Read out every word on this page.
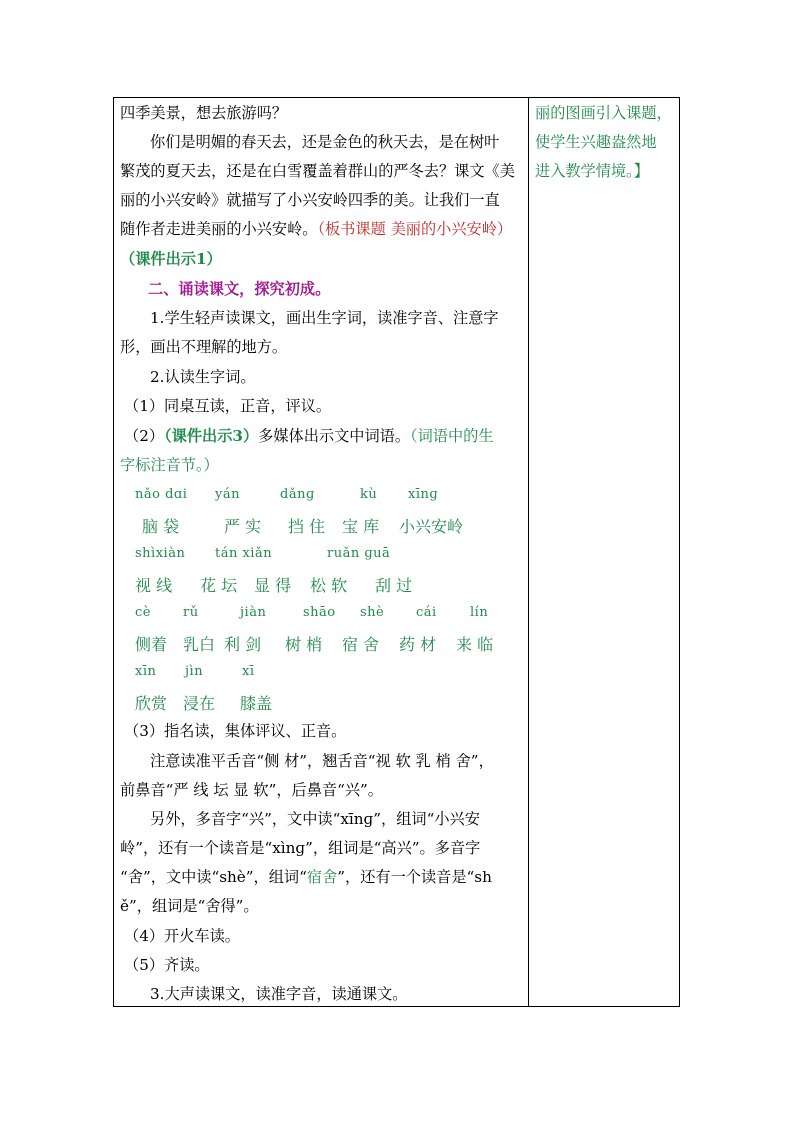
四季美景，想去旅游吗？
你们是明媚的春天去，还是金色的秋天去，是在树叶
繁茂的夏天去，还是在白雪覆盖着群山的严冬去？课文《美
丽的小兴安岭》就描写了小兴安岭四季的美。让我们一直
随作者走进美丽的小兴安岭。（板书课题 美丽的小兴安岭）
（课件出示1）
二、诵读课文，探究初成。
1.学生轻声读课文，画出生字词，读准字音、注意字
形，画出不理解的地方。
2.认读生字词。
（1）同桌互读，正音，评议。
（2）（课件出示3）多媒体出示文中词语。（词语中的生
字标注音节。）
nǎo dɑi yán	dǎnɡ	kù xīnɡ
脑 袋	严 实 挡 住 宝 库 小兴安岭
shìxiàn tán xiǎn	ruǎn ɡuā
视 线 花 坛 显 得 松 软 刮 过
cè rǔ	jiàn	shāo shè cái	lín
侧着 乳白 利 剑 树 梢 宿 舍 药 材 来 临
xīn jìn	xī
欣赏 浸在 膝盖
（3）指名读，集体评议、正音。
注意读准平舌音“侧 材”，翘舌音“视 软 乳 梢 舍”，
前鼻音“严 线 坛 显 软”，后鼻音“兴”。
另外，多音字“兴”，文中读“xīnɡ”，组词“小兴安
岭”，还有一个读音是“xìnɡ”，组词是“高兴”。多音字
“舍”，文中读“shè”，组词“宿舍”，还有一个读音是“sh
ě”，组词是“舍得”。
（4）开火车读。
（5）齐读。
3.大声读课文，读准字音，读通课文。
丽的图画引入课题，
使学生兴趣盎然地
进入教学情境。】
